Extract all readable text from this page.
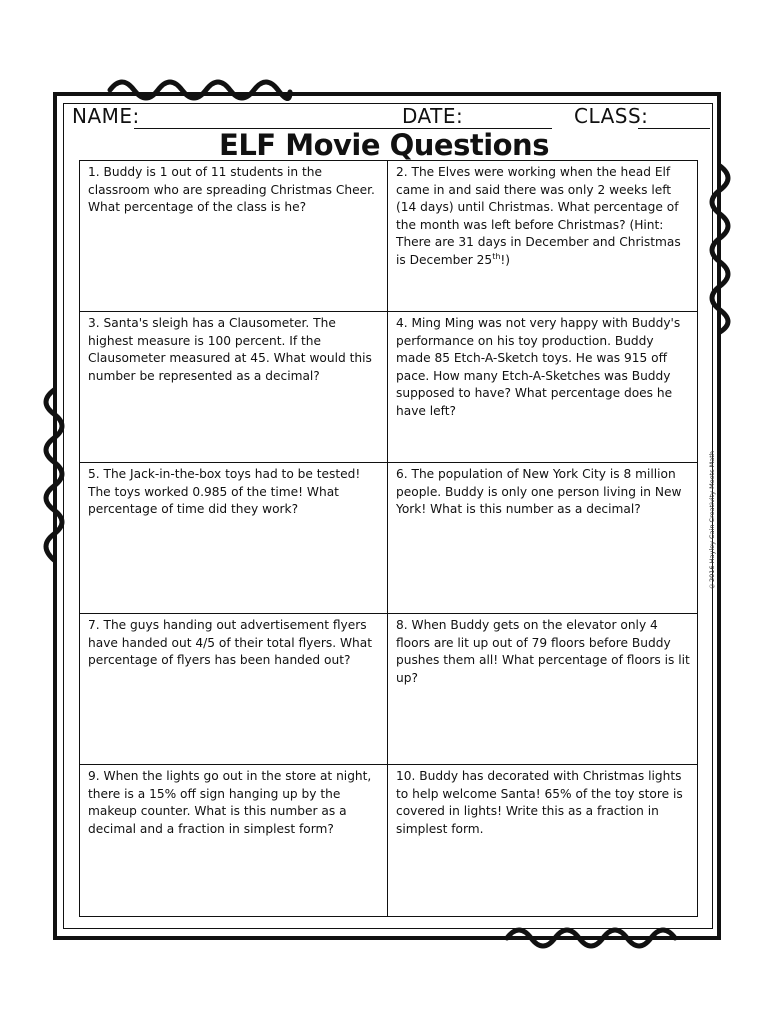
NAME:	DATE:	CLASS:
ELF Movie Questions
1. Buddy is 1 out of 11 students in the classroom who are spreading Christmas Cheer. What percentage of the class is he?
2. The Elves were working when the head Elf came in and said there was only 2 weeks left (14 days) until Christmas. What percentage of the month was left before Christmas? (Hint: There are 31 days in December and Christmas is December 25th!)
3. Santa's sleigh has a Clausometer. The highest measure is 100 percent. If the Clausometer measured at 45. What would this number be represented as a decimal?
4. Ming Ming was not very happy with Buddy's performance on his toy production. Buddy made 85 Etch-A-Sketch toys. He was 915 off pace. How many Etch-A-Sketches was Buddy supposed to have? What percentage does he have left?
5. The Jack-in-the-box toys had to be tested! The toys worked 0.985 of the time! What percentage of time did they work?
6. The population of New York City is 8 million people. Buddy is only one person living in New York! What is this number as a decimal?
7. The guys handing out advertisement flyers have handed out 4/5 of their total flyers. What percentage of flyers has been handed out?
8. When Buddy gets on the elevator only 4 floors are lit up out of 79 floors before Buddy pushes them all! What percentage of floors is lit up?
9. When the lights go out in the store at night, there is a 15% off sign hanging up by the makeup counter. What is this number as a decimal and a fraction in simplest form?
10. Buddy has decorated with Christmas lights to help welcome Santa! 65% of the toy store is covered in lights! Write this as a fraction in simplest form.
©2016 Hayley Cain Creativity Meets Math
